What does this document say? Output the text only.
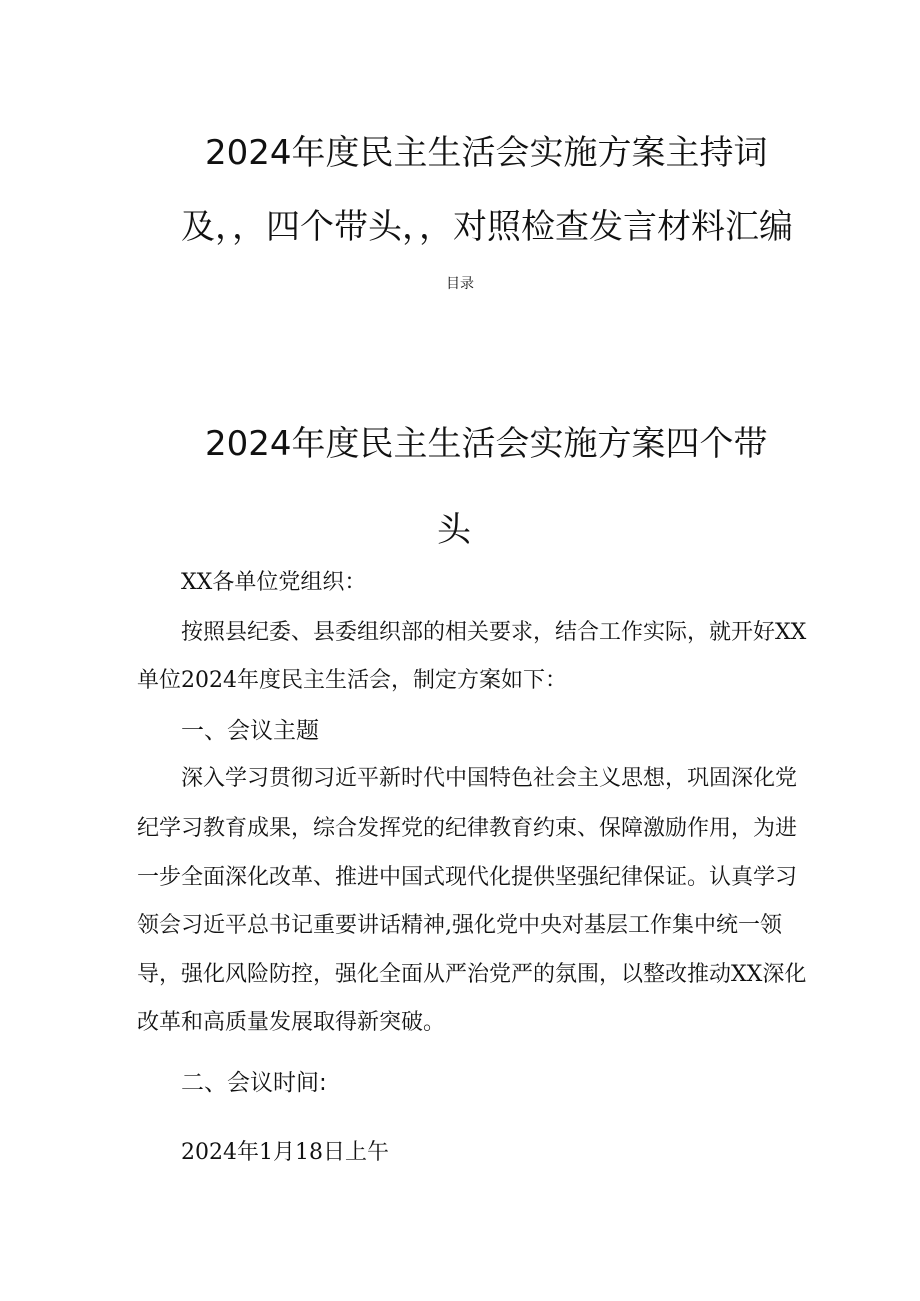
2024年度民主生活会实施方案主持词
及，，四个带头，，对照检查发言材料汇编
目录
2024年度民主生活会实施方案四个带
头
XX各单位党组织：
按照县纪委、县委组织部的相关要求，结合工作实际，就开好XX
单位2024年度民主生活会，制定方案如下：
一、会议主题
深入学习贯彻习近平新时代中国特色社会主义思想，巩固深化党
纪学习教育成果，综合发挥党的纪律教育约束、保障激励作用，为进
一步全面深化改革、推进中国式现代化提供坚强纪律保证。认真学习
领会习近平总书记重要讲话精神,强化党中央对基层工作集中统一领
导，强化风险防控，强化全面从严治党严的氛围，以整改推动XX深化
改革和高质量发展取得新突破。
二、会议时间:
2024年1月18日上午
